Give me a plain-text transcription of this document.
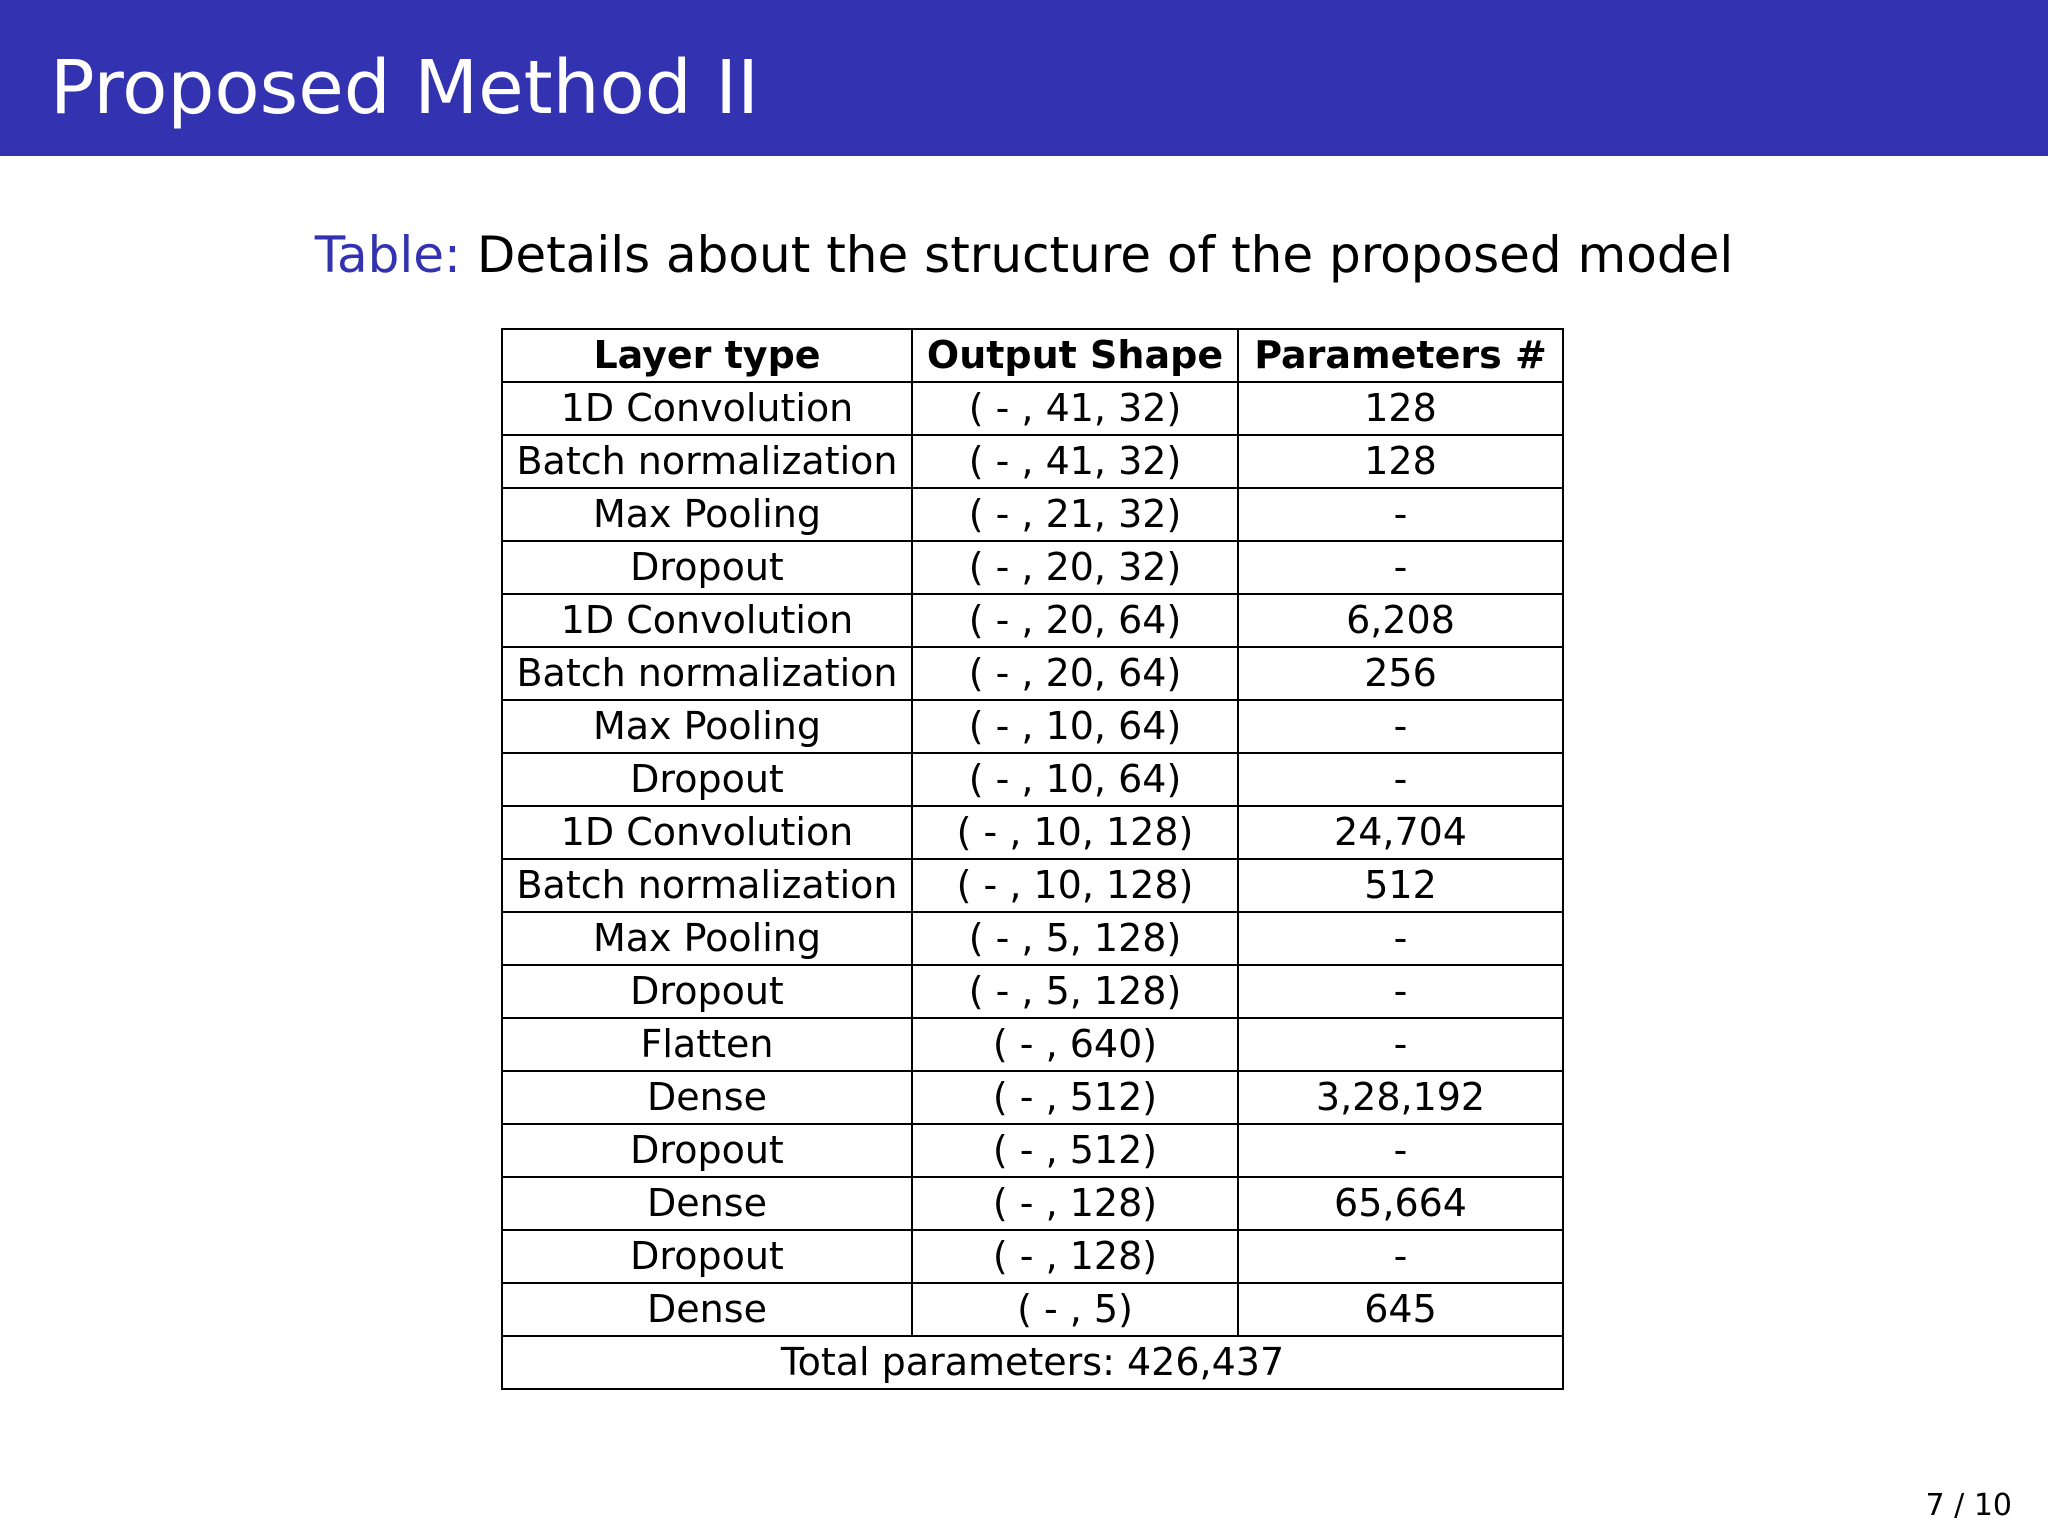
Proposed Method II
Table: Details about the structure of the proposed model
Layer type	Output Shape	Parameters #
1D Convolution	( - , 41, 32)	128
Batch normalization	( - , 41, 32)	128
Max Pooling	( - , 21, 32)	-
Dropout	( - , 20, 32)	-
1D Convolution	( - , 20, 64)	6,208
Batch normalization	( - , 20, 64)	256
Max Pooling	( - , 10, 64)	-
Dropout	( - , 10, 64)	-
1D Convolution	( - , 10, 128)	24,704
Batch normalization	( - , 10, 128)	512
Max Pooling	( - , 5, 128)	-
Dropout	( - , 5, 128)	-
Flatten	( - , 640)	-
Dense	( - , 512)	3,28,192
Dropout	( - , 512)	-
Dense	( - , 128)	65,664
Dropout	( - , 128)	-
Dense	( - , 5)	645
Total parameters: 426,437		
7 / 10
